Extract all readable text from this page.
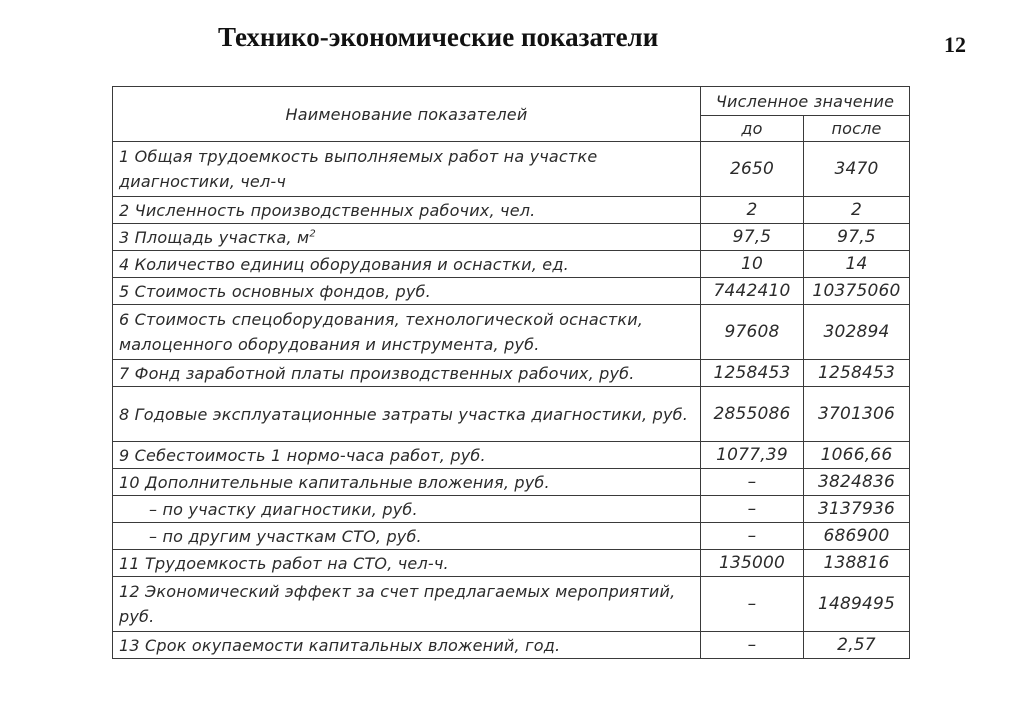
Технико-экономические показатели	12
Наименование показателей	Численное значение	
	до	после
1 Общая трудоемкость выполняемых работ на участке диагностики, чел-ч	2650	3470
2 Численность производственных рабочих, чел.	2	2
3 Площадь участка, $м^2$	97,5	97,5
4 Количество единиц оборудования и оснастки, ед.	10	14
5 Стоимость основных фондов, руб.	7442410	10375060
6 Стоимость спецоборудования, технологической оснастки, малоценного оборудования и инструмента, руб.	97608	302894
7 Фонд заработной платы производственных рабочих, руб.	1258453	1258453
8 Годовые эксплуатационные затраты участка диагностики, руб.	2855086	3701306
9 Себестоимость 1 нормо-часа работ, руб.	1077,39	1066,66
10 Дополнительные капитальные вложения, руб.	–	3824836
– по участку диагностики, руб.	–	3137936
– по другим участкам СТО, руб.	–	686900
11 Трудоемкость работ на СТО, чел-ч.	135000	138816
12 Экономический эффект за счет предлагаемых мероприятий, руб.	–	1489495
13 Срок окупаемости капитальных вложений, год.	–	2,57
